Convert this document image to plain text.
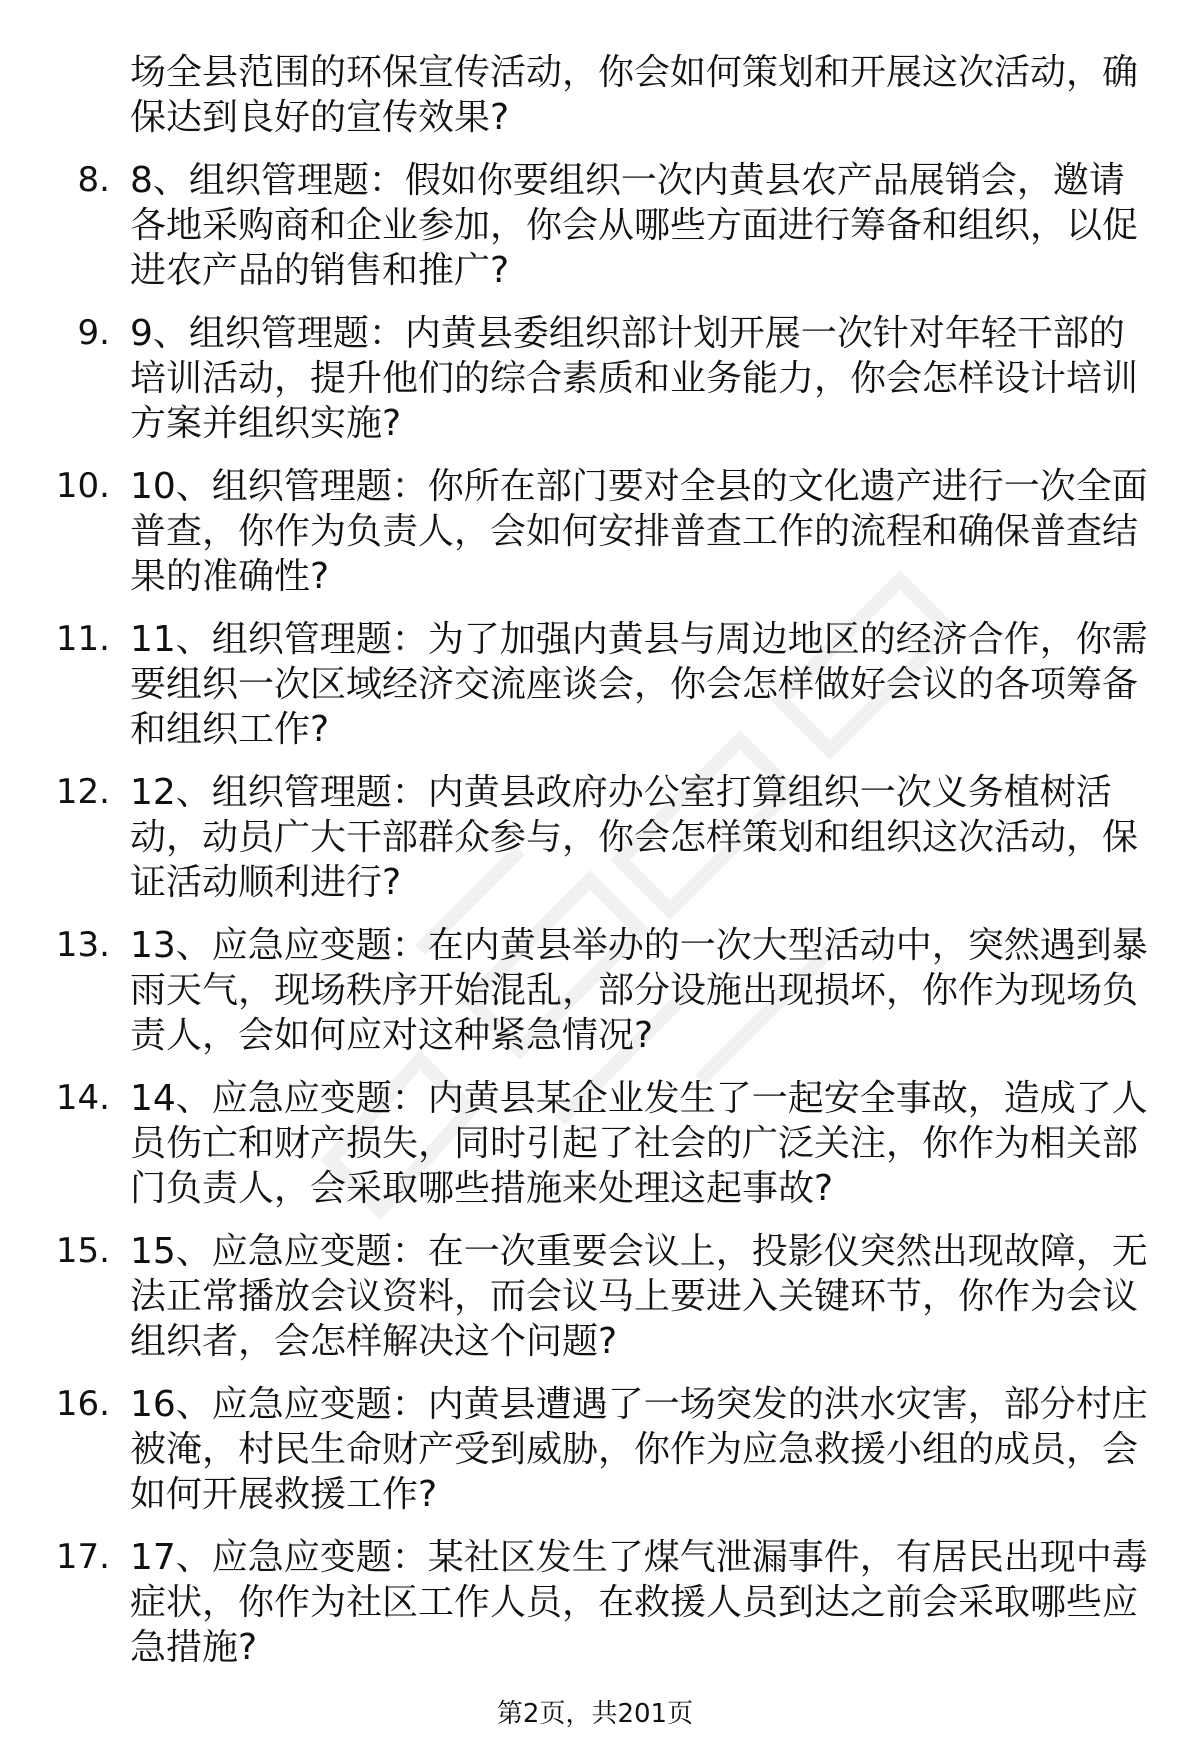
场全县范围的环保宣传活动，你会如何策划和开展这次活动，确保达到良好的宣传效果?

8. 8、组织管理题：假如你要组织一次内黄县农产品展销会，邀请各地采购商和企业参加，你会从哪些方面进行筹备和组织，以促进农产品的销售和推广?

9. 9、组织管理题：内黄县委组织部计划开展一次针对年轻干部的培训活动，提升他们的综合素质和业务能力，你会怎样设计培训方案并组织实施?

10. 10、组织管理题：你所在部门要对全县的文化遗产进行一次全面普查，你作为负责人，会如何安排普查工作的流程和确保普查结果的准确性?

11. 11、组织管理题：为了加强内黄县与周边地区的经济合作，你需要组织一次区域经济交流座谈会，你会怎样做好会议的各项筹备和组织工作?

12. 12、组织管理题：内黄县政府办公室打算组织一次义务植树活动，动员广大干部群众参与，你会怎样策划和组织这次活动，保证活动顺利进行?

13. 13、应急应变题：在内黄县举办的一次大型活动中，突然遇到暴雨天气，现场秩序开始混乱，部分设施出现损坏，你作为现场负责人，会如何应对这种紧急情况?

14. 14、应急应变题：内黄县某企业发生了一起安全事故，造成了人员伤亡和财产损失，同时引起了社会的广泛关注，你作为相关部门负责人，会采取哪些措施来处理这起事故?

15. 15、应急应变题：在一次重要会议上，投影仪突然出现故障，无法正常播放会议资料，而会议马上要进入关键环节，你作为会议组织者，会怎样解决这个问题?

16. 16、应急应变题：内黄县遭遇了一场突发的洪水灾害，部分村庄被淹，村民生命财产受到威胁，你作为应急救援小组的成员，会如何开展救援工作?

17. 17、应急应变题：某社区发生了煤气泄漏事件，有居民出现中毒症状，你作为社区工作人员，在救援人员到达之前会采取哪些应急措施?

第2页，共201页
